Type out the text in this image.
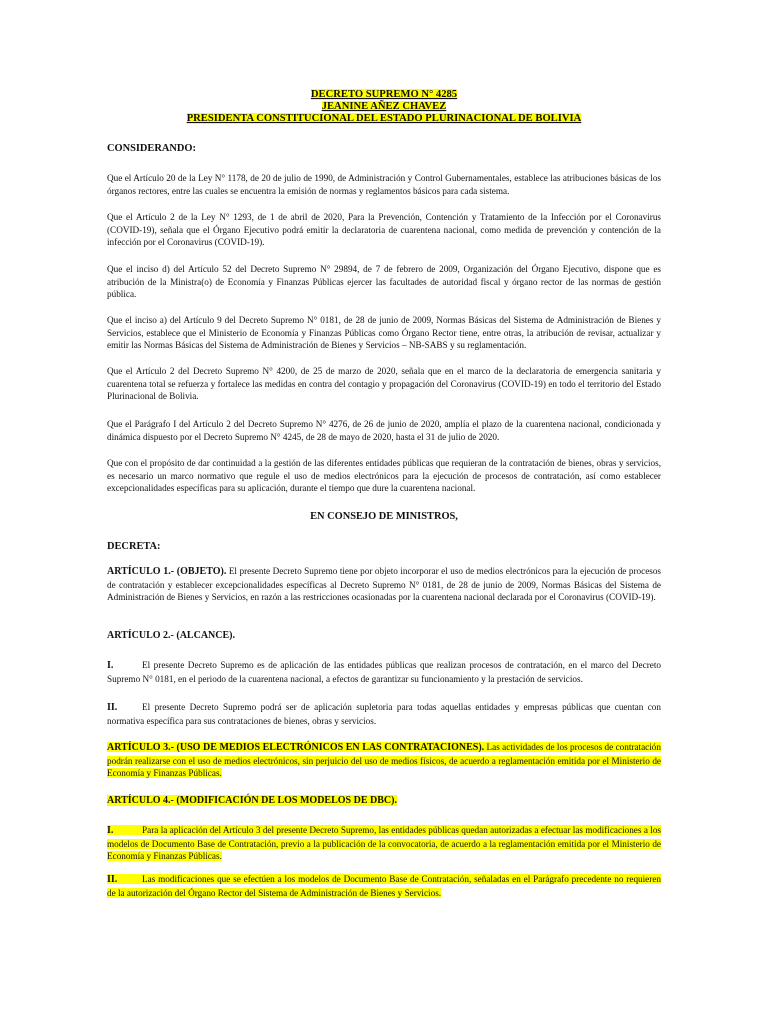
DECRETO SUPREMO N° 4285
JEANINE AÑEZ CHAVEZ
PRESIDENTA CONSTITUCIONAL DEL ESTADO PLURINACIONAL DE BOLIVIA

CONSIDERANDO:

Que el Artículo 20 de la Ley N° 1178, de 20 de julio de 1990, de Administración y Control Gubernamentales, establece las atribuciones básicas de los órganos rectores, entre las cuales se encuentra la emisión de normas y reglamentos básicos para cada sistema.

Que el Artículo 2 de la Ley N° 1293, de 1 de abril de 2020, Para la Prevención, Contención y Tratamiento de la Infección por el Coronavirus (COVID-19), señala que el Órgano Ejecutivo podrá emitir la declaratoria de cuarentena nacional, como medida de prevención y contención de la infección por el Coronavirus (COVID-19).

Que el inciso d) del Artículo 52 del Decreto Supremo N° 29894, de 7 de febrero de 2009, Organización del Órgano Ejecutivo, dispone que es atribución de la Ministra(o) de Economía y Finanzas Públicas ejercer las facultades de autoridad fiscal y órgano rector de las normas de gestión pública.

Que el inciso a) del Artículo 9 del Decreto Supremo N° 0181, de 28 de junio de 2009, Normas Básicas del Sistema de Administración de Bienes y Servicios, establece que el Ministerio de Economía y Finanzas Públicas como Órgano Rector tiene, entre otras, la atribución de revisar, actualizar y emitir las Normas Básicas del Sistema de Administración de Bienes y Servicios – NB-SABS y su reglamentación.

Que el Artículo 2 del Decreto Supremo N° 4200, de 25 de marzo de 2020, señala que en el marco de la declaratoria de emergencia sanitaria y cuarentena total se refuerza y fortalece las medidas en contra del contagio y propagación del Coronavirus (COVID-19) en todo el territorio del Estado Plurinacional de Bolivia.

Que el Parágrafo I del Artículo 2 del Decreto Supremo N° 4276, de 26 de junio de 2020, amplía el plazo de la cuarentena nacional, condicionada y dinámica dispuesto por el Decreto Supremo N° 4245, de 28 de mayo de 2020, hasta el 31 de julio de 2020.

Que con el propósito de dar continuidad a la gestión de las diferentes entidades públicas que requieran de la contratación de bienes, obras y servicios, es necesario un marco normativo que regule el uso de medios electrónicos para la ejecución de procesos de contratación, así como establecer excepcionalidades específicas para su aplicación, durante el tiempo que dure la cuarentena nacional.

EN CONSEJO DE MINISTROS,

DECRETA:

ARTÍCULO 1.- (OBJETO). El presente Decreto Supremo tiene por objeto incorporar el uso de medios electrónicos para la ejecución de procesos de contratación y establecer excepcionalidades específicas al Decreto Supremo N° 0181, de 28 de junio de 2009, Normas Básicas del Sistema de Administración de Bienes y Servicios, en razón a las restricciones ocasionadas por la cuarentena nacional declarada por el Coronavirus (COVID-19).

ARTÍCULO 2.- (ALCANCE).

I.	El presente Decreto Supremo es de aplicación de las entidades públicas que realizan procesos de contratación, en el marco del Decreto Supremo N° 0181, en el periodo de la cuarentena nacional, a efectos de garantizar su funcionamiento y la prestación de servicios.

II.	El presente Decreto Supremo podrá ser de aplicación supletoria para todas aquellas entidades y empresas públicas que cuentan con normativa específica para sus contrataciones de bienes, obras y servicios.

ARTÍCULO 3.- (USO DE MEDIOS ELECTRÓNICOS EN LAS CONTRATACIONES). Las actividades de los procesos de contratación podrán realizarse con el uso de medios electrónicos, sin perjuicio del uso de medios físicos, de acuerdo a reglamentación emitida por el Ministerio de Economía y Finanzas Públicas.

ARTÍCULO 4.- (MODIFICACIÓN DE LOS MODELOS DE DBC).

I.	Para la aplicación del Artículo 3 del presente Decreto Supremo, las entidades públicas quedan autorizadas a efectuar las modificaciones a los modelos de Documento Base de Contratación, previo a la publicación de la convocatoria, de acuerdo a la reglamentación emitida por el Ministerio de Economía y Finanzas Públicas.

II.	Las modificaciones que se efectúen a los modelos de Documento Base de Contratación, señaladas en el Parágrafo precedente no requieren de la autorización del Órgano Rector del Sistema de Administración de Bienes y Servicios.
